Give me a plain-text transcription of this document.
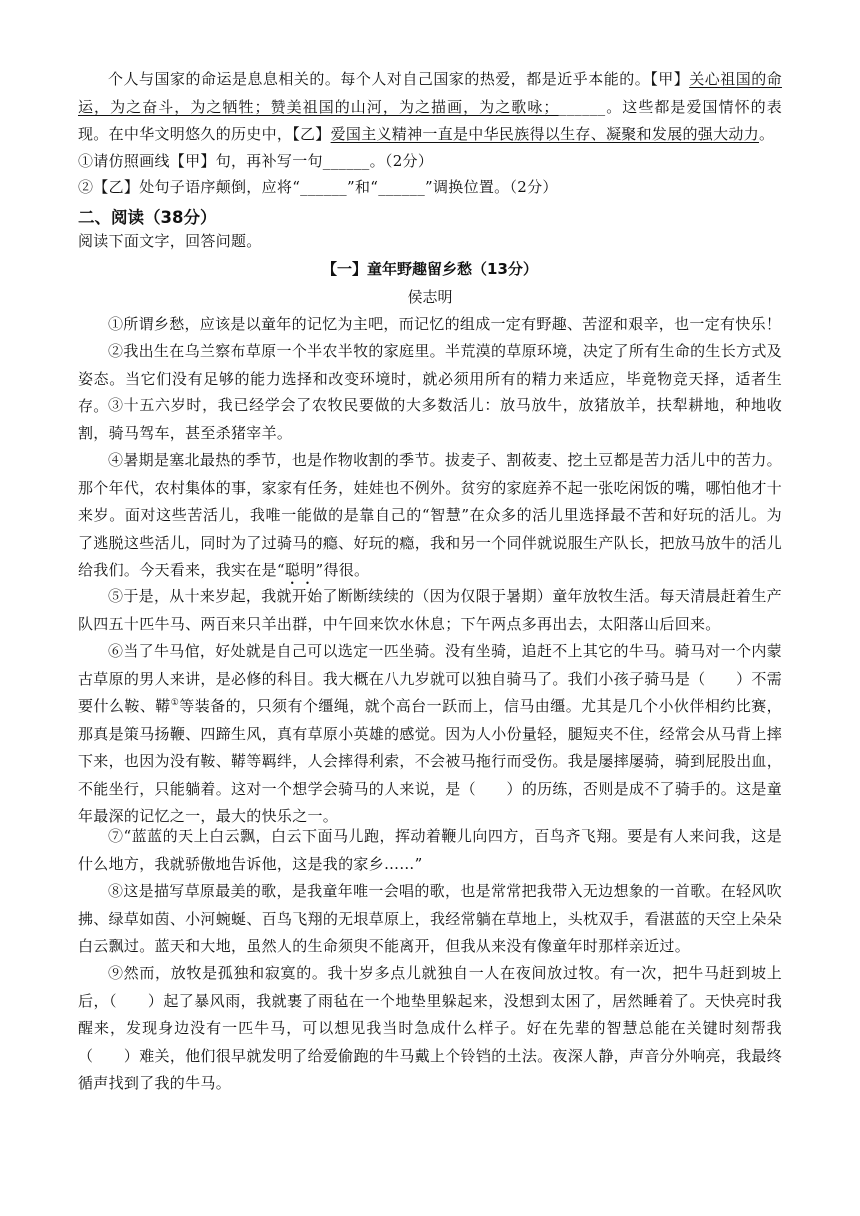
个人与国家的命运是息息相关的。每个人对自己国家的热爱，都是近乎本能的。【甲】关心祖国的命运，为之奋斗，为之牺牲；赞美祖国的山河，为之描画，为之歌咏；______。这些都是爱国情怀的表现。在中华文明悠久的历史中，【乙】爱国主义精神一直是中华民族得以生存、凝聚和发展的强大动力。

①请仿照画线【甲】句，再补写一句______。（2分）

②【乙】处句子语序颠倒，应将“______”和“______”调换位置。（2分）

二、阅读（38分）

阅读下面文字，回答问题。

【一】童年野趣留乡愁（13分）
侯志明

①所谓乡愁，应该是以童年的记忆为主吧，而记忆的组成一定有野趣、苦涩和艰辛，也一定有快乐！

②我出生在乌兰察布草原一个半农半牧的家庭里。半荒漠的草原环境，决定了所有生命的生长方式及姿态。当它们没有足够的能力选择和改变环境时，就必须用所有的精力来适应，毕竟物竞天择，适者生存。 ③十五六岁时，我已经学会了农牧民要做的大多数活儿：放马放牛，放猪放羊，扶犁耕地，种地收割，骑马驾车，甚至杀猪宰羊。

④暑期是塞北最热的季节，也是作物收割的季节。拔麦子、割莜麦、挖土豆都是苦力活儿中的苦力。那个年代，农村集体的事，家家有任务，娃娃也不例外。贫穷的家庭养不起一张吃闲饭的嘴，哪怕他才十来岁。面对这些苦活儿，我唯一能做的是靠自己的“智慧”在众多的活儿里选择最不苦和好玩的活儿。为了逃脱这些活儿，同时为了过骑马的瘾、好玩的瘾，我和另一个同伴就说服生产队长，把放马放牛的活儿给我们。今天看来，我实在是“聪明”得很。

⑤于是，从十来岁起，我就开始了断断续续的（因为仅限于暑期）童年放牧生活。每天清晨赶着生产队四五十匹牛马、两百来只羊出群，中午回来饮水休息；下午两点多再出去，太阳落山后回来。

⑥当了牛马倌，好处就是自己可以选定一匹坐骑。没有坐骑，追赶不上其它的牛马。骑马对一个内蒙古草原的男人来讲，是必修的科目。我大概在八九岁就可以独自骑马了。我们小孩子骑马是（　　）不需要什么鞍、鞯①等装备的，只须有个缰绳，就个高台一跃而上，信马由缰。尤其是几个小伙伴相约比赛，那真是策马扬鞭、四蹄生风，真有草原小英雄的感觉。因为人小份量轻，腿短夹不住，经常会从马背上摔下来，也因为没有鞍、鞯等羁绊，人会摔得利索，不会被马拖行而受伤。我是屡摔屡骑，骑到屁股出血，不能坐行，只能躺着。这对一个想学会骑马的人来说，是（　　）的历练，否则是成不了骑手的。这是童年最深的记忆之一，最大的快乐之一。

⑦“蓝蓝的天上白云飘，白云下面马儿跑，挥动着鞭儿向四方，百鸟齐飞翔。要是有人来问我，这是什么地方，我就骄傲地告诉他，这是我的家乡……”

⑧这是描写草原最美的歌，是我童年唯一会唱的歌，也是常常把我带入无边想象的一首歌。在轻风吹拂、绿草如茵、小河蜿蜒、百鸟飞翔的无垠草原上，我经常躺在草地上，头枕双手，看湛蓝的天空上朵朵白云飘过。蓝天和大地，虽然人的生命须臾不能离开，但我从来没有像童年时那样亲近过。

⑨然而，放牧是孤独和寂寞的。我十岁多点儿就独自一人在夜间放过牧。有一次，把牛马赶到坡上后，（　　）起了暴风雨，我就裹了雨毡在一个地垫里躲起来，没想到太困了，居然睡着了。天快亮时我醒来，发现身边没有一匹牛马，可以想见我当时急成什么样子。好在先辈的智慧总能在关键时刻帮我（　　）难关，他们很早就发明了给爱偷跑的牛马戴上个铃铛的土法。夜深人静，声音分外响亮，我最终循声找到了我的牛马。
